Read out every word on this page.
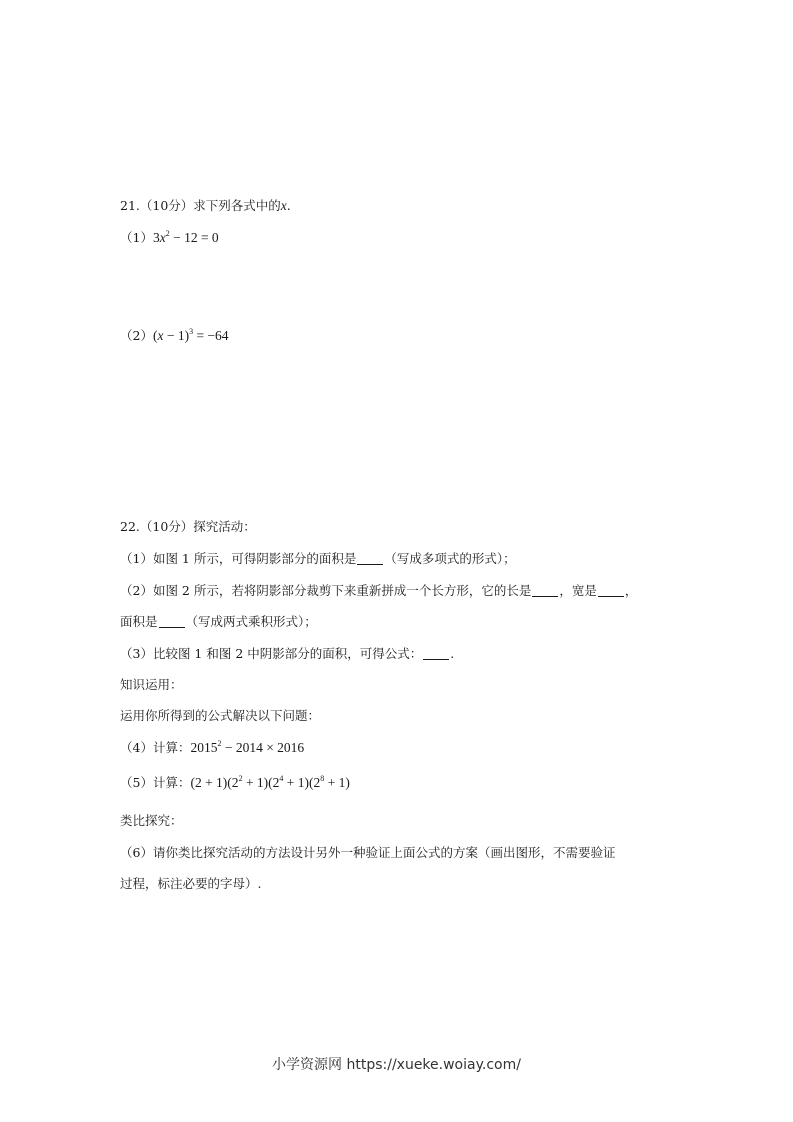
21.（10分）求下列各式中的x.
$(1)3x^2 - 12 = 0$
$(2)(x - 1)^3 = -64$
22.（10分）探究活动：
（1）如图 1 所示，可得阴影部分的面积是 （写成多项式的形式）；
（2）如图 2 所示，若将阴影部分裁剪下来重新拼成一个长方形，它的长是 ，宽是 ，
面积是 （写成两式乘积形式）；
（3）比较图 1 和图 2 中阴影部分的面积，可得公式： .
知识运用：
运用你所得到的公式解决以下问题：
（4）计算：$2015^2 - 2014 \times 2016$
（5）计算：$(2 + 1)(2^2 + 1)(2^4 + 1)(2^8 + 1)$
类比探究：
（6）请你类比探究活动的方法设计另外一种验证上面公式的方案（画出图形，不需要验证
过程，标注必要的字母）.
小学资源网 https://xueke.woiay.com/
